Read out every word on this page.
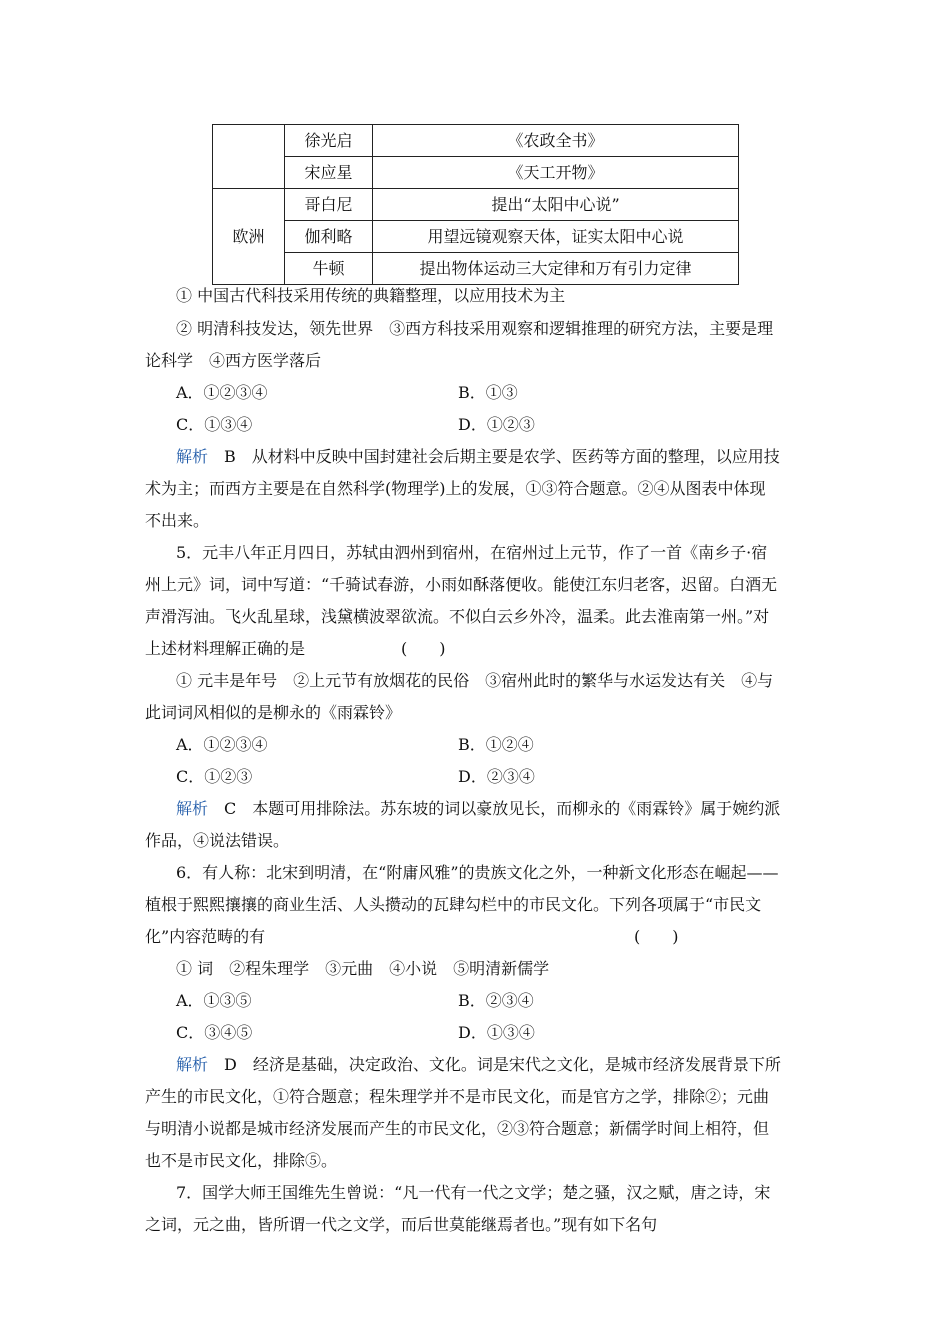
	徐光启	《农政全书》
	宋应星	《天工开物》
欧洲	哥白尼	提出“太阳中心说”
	伽利略	用望远镜观察天体，证实太阳中心说
	牛顿	提出物体运动三大定律和万有引力定律
① 中国古代科技采用传统的典籍整理，以应用技术为主
② 明清科技发达，领先世界　③西方科技采用观察和逻辑推理的研究方法，主要是理
论科学　④西方医学落后
A．①②③④	B．①③
C．①③④	D．①②③
解析　B　从材料中反映中国封建社会后期主要是农学、医药等方面的整理，以应用技
术为主；而西方主要是在自然科学(物理学)上的发展，①③符合题意。②④从图表中体现
不出来。
5．元丰八年正月四日，苏轼由泗州到宿州，在宿州过上元节，作了一首《南乡子·宿
州上元》词，词中写道：“千骑试春游，小雨如酥落便收。能使江东归老客，迟留。白酒无
声滑泻油。飞火乱星球，浅黛横波翠欲流。不似白云乡外冷，温柔。此去淮南第一州。”对
上述材料理解正确的是　　　　　　(　　)
① 元丰是年号　②上元节有放烟花的民俗　③宿州此时的繁华与水运发达有关　④与
此词词风相似的是柳永的《雨霖铃》
A．①②③④	B．①②④
C．①②③	D．②③④
解析　C　本题可用排除法。苏东坡的词以豪放见长，而柳永的《雨霖铃》属于婉约派
作品，④说法错误。
6．有人称：北宋到明清，在“附庸风雅”的贵族文化之外，一种新文化形态在崛起——
植根于熙熙攘攘的商业生活、人头攒动的瓦肆勾栏中的市民文化。下列各项属于“市民文
化”内容范畴的有	(　　)
① 词　②程朱理学　③元曲　④小说　⑤明清新儒学
A．①③⑤	B．②③④
C．③④⑤	D．①③④
解析　D　经济是基础，决定政治、文化。词是宋代之文化，是城市经济发展背景下所
产生的市民文化，①符合题意；程朱理学并不是市民文化，而是官方之学，排除②；元曲
与明清小说都是城市经济发展而产生的市民文化，②③符合题意；新儒学时间上相符，但
也不是市民文化，排除⑤。
7．国学大师王国维先生曾说：“凡一代有一代之文学；楚之骚，汉之赋，唐之诗，宋
之词，元之曲，皆所谓一代之文学，而后世莫能继焉者也。”现有如下名句
